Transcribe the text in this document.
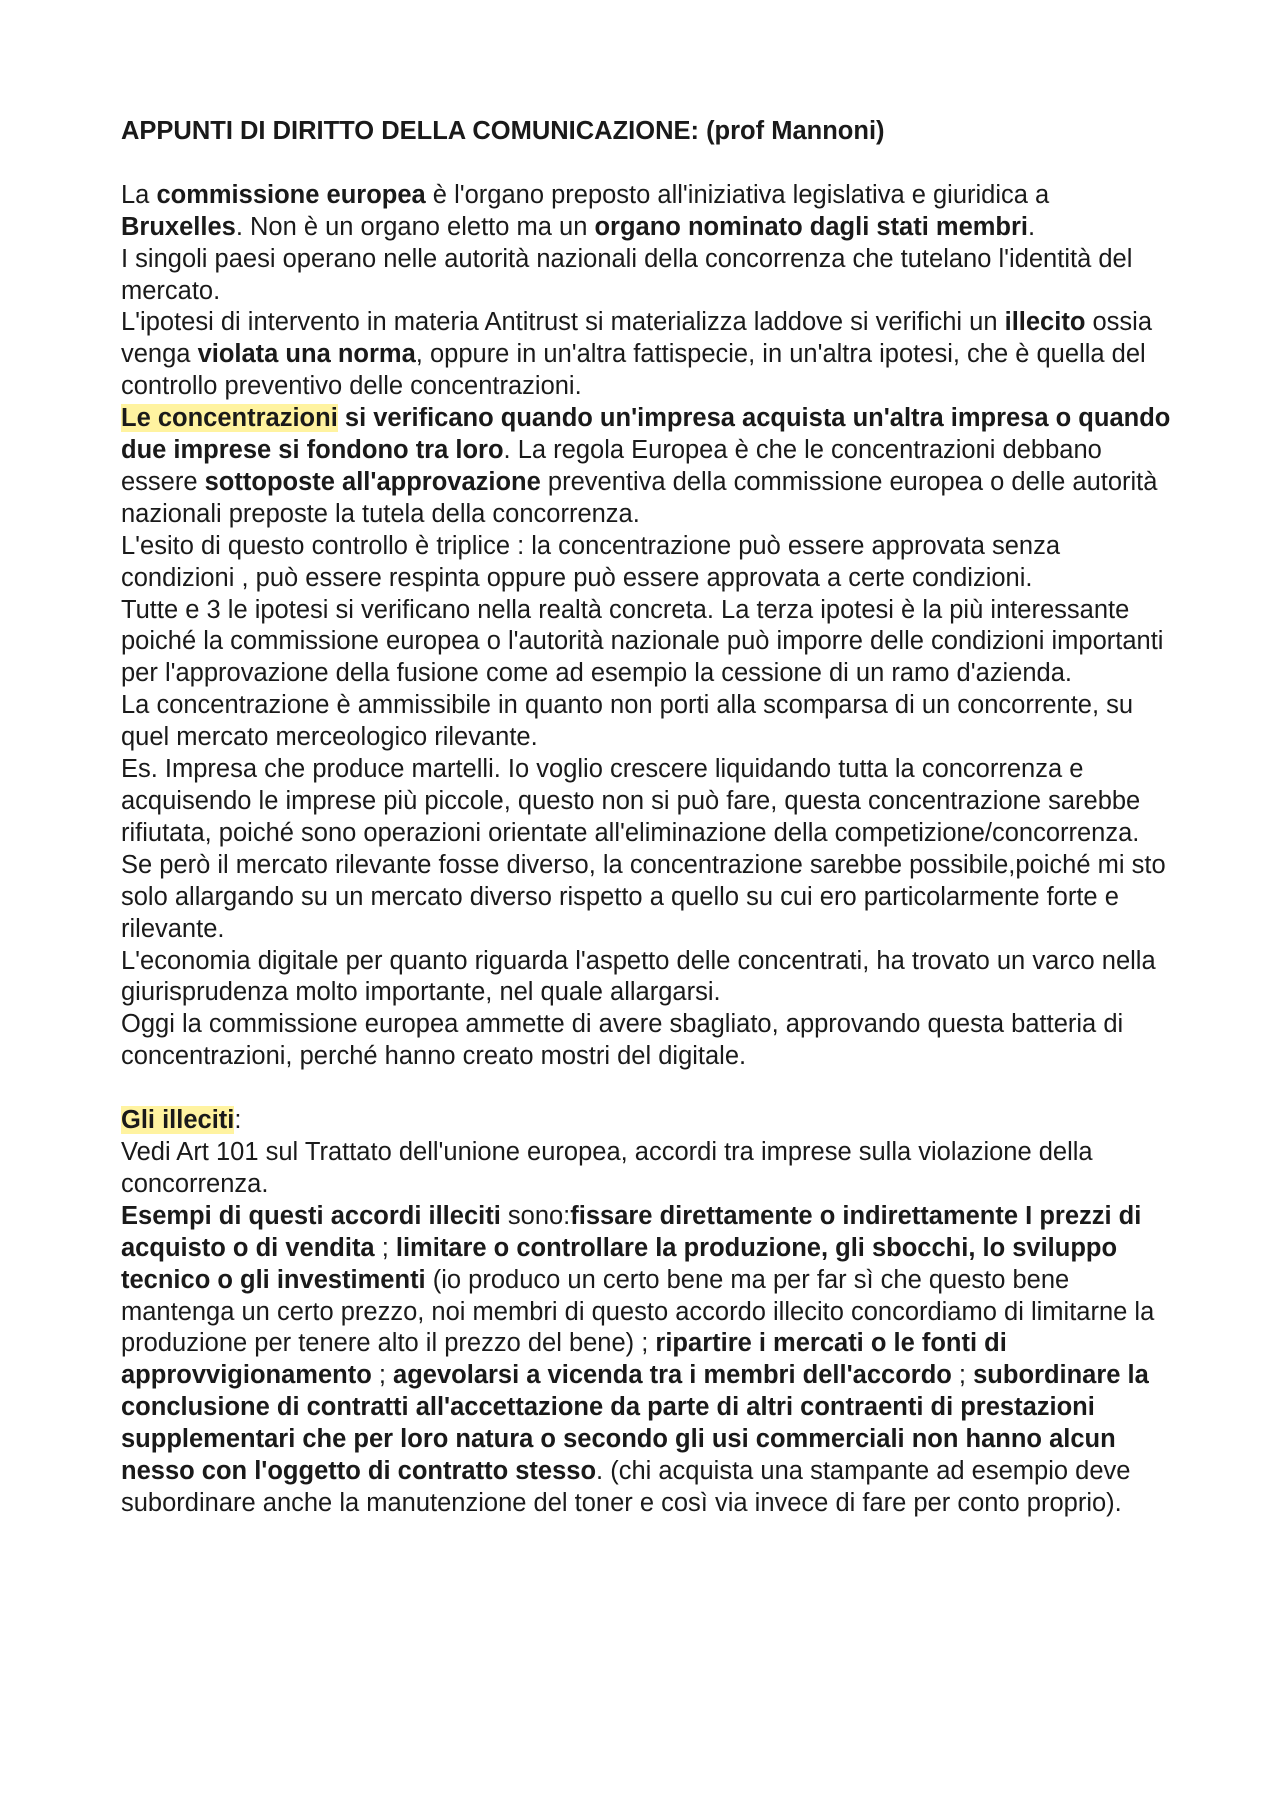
APPUNTI DI DIRITTO DELLA COMUNICAZIONE: (prof Mannoni)

La commissione europea è l'organo preposto all'iniziativa legislativa e giuridica a Bruxelles. Non è un organo eletto ma un organo nominato dagli stati membri.

I singoli paesi operano nelle autorità nazionali della concorrenza che tutelano l'identità del mercato.

L'ipotesi di intervento in materia Antitrust si materializza laddove si verifichi un illecito ossia venga violata una norma, oppure in un'altra fattispecie, in un'altra ipotesi, che è quella del controllo preventivo delle concentrazioni.

Le concentrazioni si verificano quando un'impresa acquista un'altra impresa o quando due imprese si fondono tra loro. La regola Europea è che le concentrazioni debbano essere sottoposte all'approvazione preventiva della commissione europea o delle autorità nazionali preposte la tutela della concorrenza.

L'esito di questo controllo è triplice : la concentrazione può essere approvata senza condizioni , può essere respinta oppure può essere approvata a certe condizioni.

Tutte e 3 le ipotesi si verificano nella realtà concreta. La terza ipotesi è la più interessante poiché la commissione europea o l'autorità nazionale può imporre delle condizioni importanti per l'approvazione della fusione come ad esempio la cessione di un ramo d'azienda.

La concentrazione è ammissibile in quanto non porti alla scomparsa di un concorrente, su quel mercato merceologico rilevante.

Es. Impresa che produce martelli. Io voglio crescere liquidando tutta la concorrenza e acquisendo le imprese più piccole, questo non si può fare, questa concentrazione sarebbe rifiutata, poiché sono operazioni orientate all'eliminazione della competizione/concorrenza.

Se però il mercato rilevante fosse diverso, la concentrazione sarebbe possibile,poiché mi sto solo allargando su un mercato diverso rispetto a quello su cui ero particolarmente forte e rilevante.

L'economia digitale per quanto riguarda l'aspetto delle concentrati, ha trovato un varco nella giurisprudenza molto importante, nel quale allargarsi.

Oggi la commissione europea ammette di avere sbagliato, approvando questa batteria di concentrazioni, perché hanno creato mostri del digitale.

Gli illeciti:

Vedi Art 101 sul Trattato dell'unione europea, accordi tra imprese sulla violazione della concorrenza.

Esempi di questi accordi illeciti sono:fissare direttamente o indirettamente I prezzi di acquisto o di vendita ; limitare o controllare la produzione, gli sbocchi, lo sviluppo tecnico o gli investimenti (io produco un certo bene ma per far sì che questo bene mantenga un certo prezzo, noi membri di questo accordo illecito concordiamo di limitarne la produzione per tenere alto il prezzo del bene) ; ripartire i mercati o le fonti di approvvigionamento ; agevolarsi a vicenda tra i membri dell'accordo ; subordinare la conclusione di contratti all'accettazione da parte di altri contraenti di prestazioni supplementari che per loro natura o secondo gli usi commerciali non hanno alcun nesso con l'oggetto di contratto stesso. (chi acquista una stampante ad esempio deve subordinare anche la manutenzione del toner e così via invece di fare per conto proprio).
